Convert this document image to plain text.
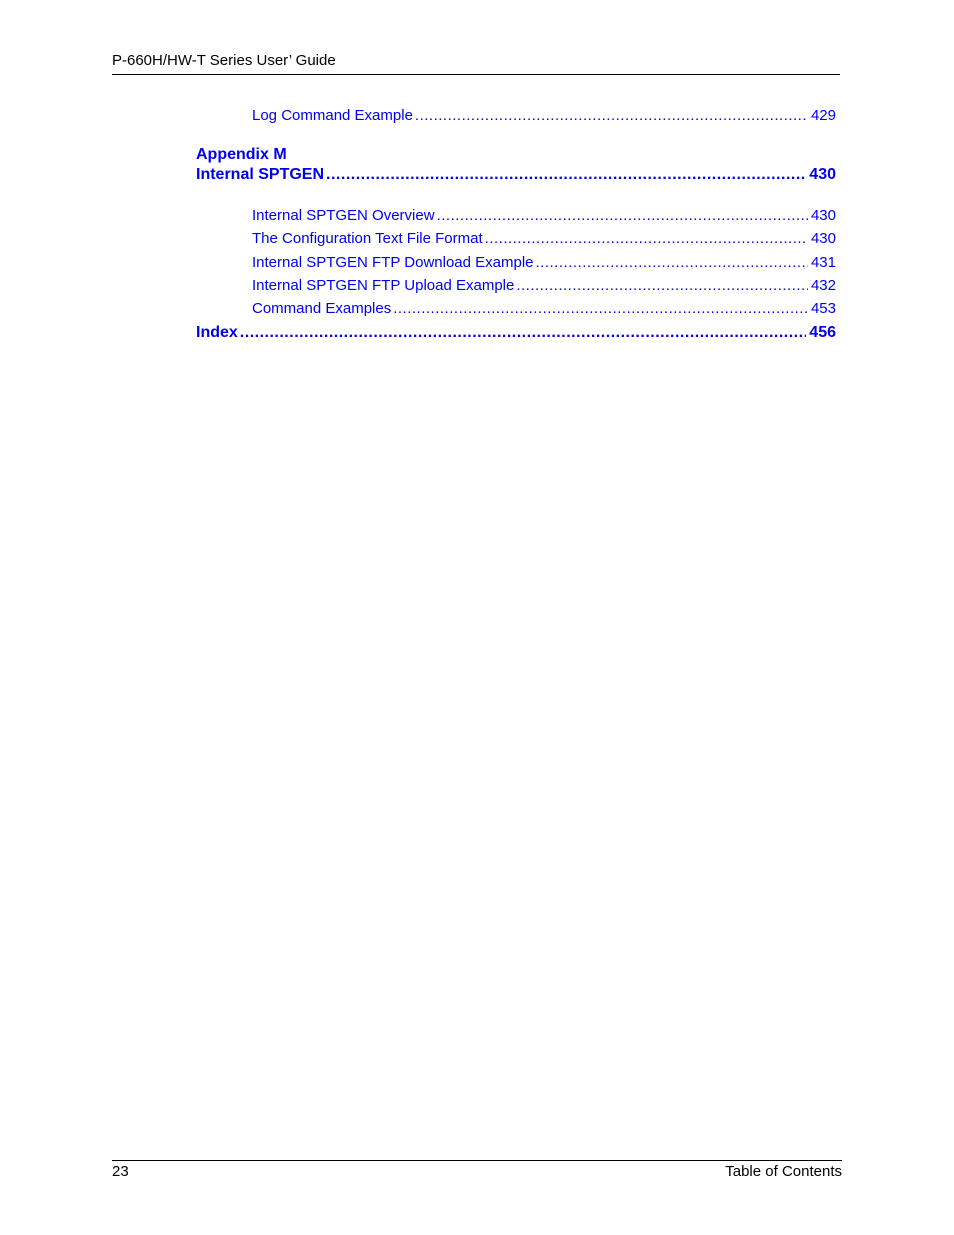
P-660H/HW-T Series User’ Guide
Log Command Example .....	429
Appendix M
Internal SPTGEN .....	430
Internal SPTGEN Overview .....	430
The Configuration Text File Format .....	430
Internal SPTGEN FTP Download Example .....	431
Internal SPTGEN FTP Upload Example .....	432
Command Examples .....	453
Index .....	456
23	Table of Contents
